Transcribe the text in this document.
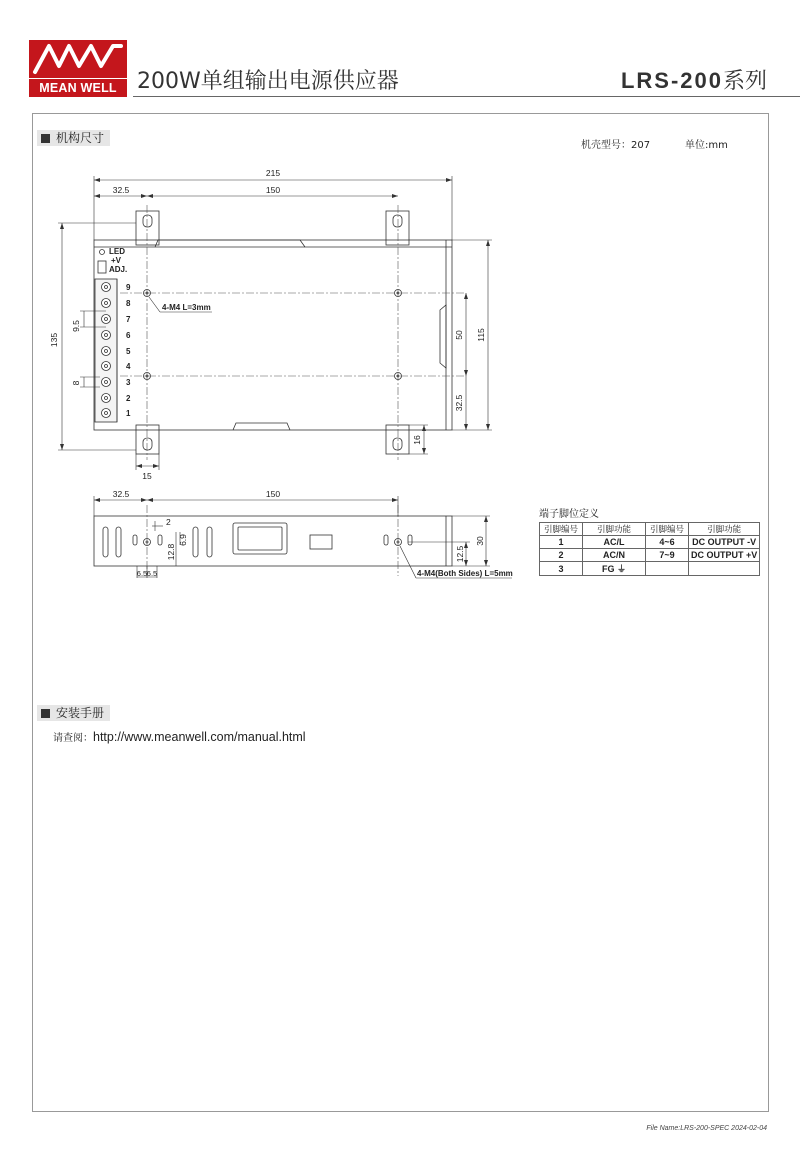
MEAN WELL 200W单组输出电源供应器	LRS-200系列
机构尺寸
机壳型号：207	单位:mm
215
32.5	150
135	115
50
32.5
16
15
9.5
8
4-M4 L=3mm
LED
+V
ADJ.
9
8
7
6
5
4
3
2
1
32.5	150
2
6.9
12.8
6.5 6.5
12.5
30
4-M4(Both Sides) L=5mm
端子脚位定义
引脚编号	引脚功能	引脚编号	引脚功能
1	AC/L	4~6	DC OUTPUT -V
2	AC/N	7~9	DC OUTPUT +V
3	FG ⏚		
安装手册
请查阅：http://www.meanwell.com/manual.html
File Name:LRS-200-SPEC 2024-02-04
